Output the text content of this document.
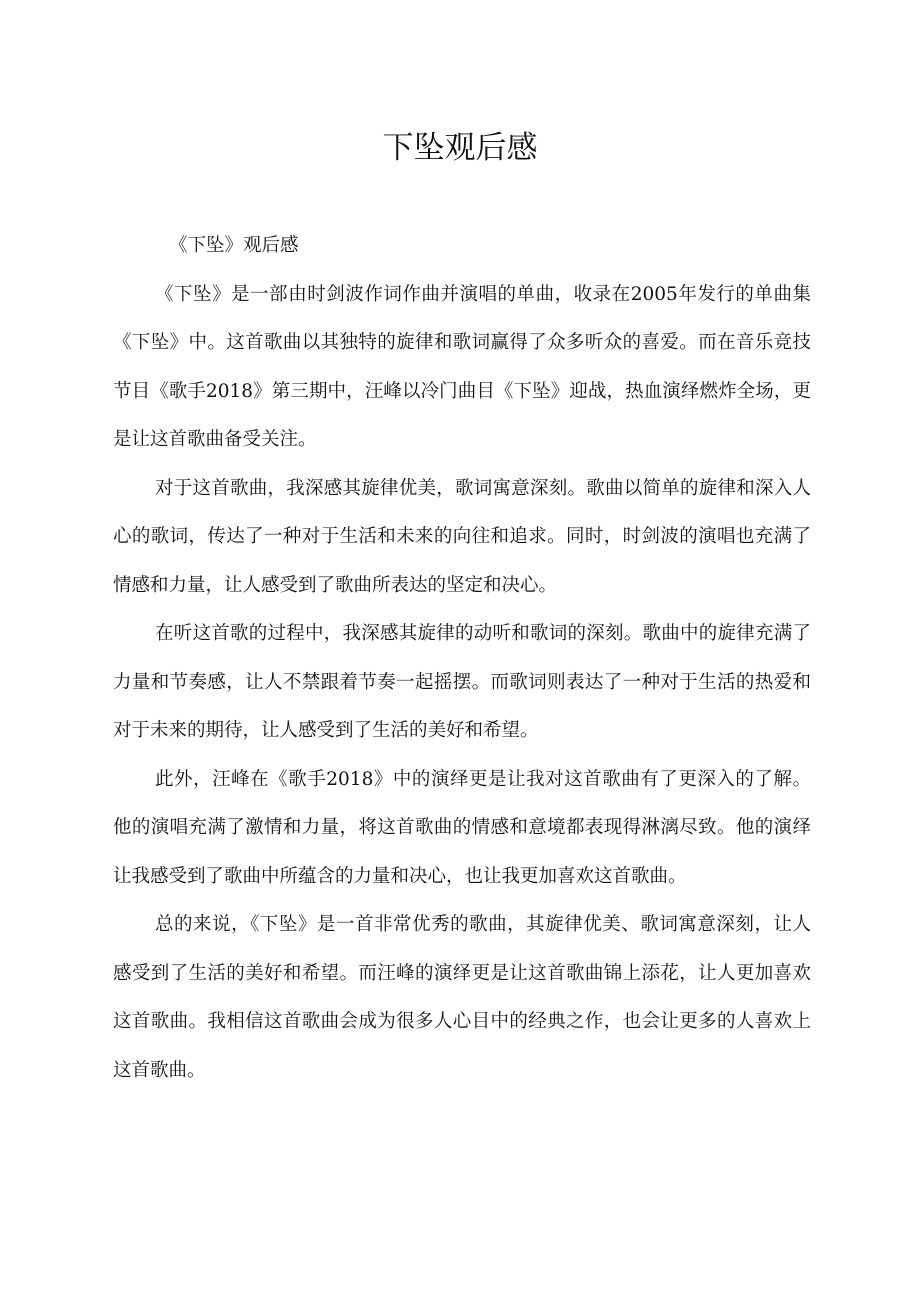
下坠观后感

《下坠》观后感

《下坠》是一部由时剑波作词作曲并演唱的单曲，收录在2005年发行的单曲集《下坠》中。这首歌曲以其独特的旋律和歌词赢得了众多听众的喜爱。而在音乐竞技节目《歌手2018》第三期中，汪峰以冷门曲目《下坠》迎战，热血演绎燃炸全场，更是让这首歌曲备受关注。

对于这首歌曲，我深感其旋律优美，歌词寓意深刻。歌曲以简单的旋律和深入人心的歌词，传达了一种对于生活和未来的向往和追求。同时，时剑波的演唱也充满了情感和力量，让人感受到了歌曲所表达的坚定和决心。

在听这首歌的过程中，我深感其旋律的动听和歌词的深刻。歌曲中的旋律充满了力量和节奏感，让人不禁跟着节奏一起摇摆。而歌词则表达了一种对于生活的热爱和对于未来的期待，让人感受到了生活的美好和希望。

此外，汪峰在《歌手2018》中的演绎更是让我对这首歌曲有了更深入的了解。他的演唱充满了激情和力量，将这首歌曲的情感和意境都表现得淋漓尽致。他的演绎让我感受到了歌曲中所蕴含的力量和决心，也让我更加喜欢这首歌曲。

总的来说，《下坠》是一首非常优秀的歌曲，其旋律优美、歌词寓意深刻，让人感受到了生活的美好和希望。而汪峰的演绎更是让这首歌曲锦上添花，让人更加喜欢这首歌曲。我相信这首歌曲会成为很多人心目中的经典之作，也会让更多的人喜欢上这首歌曲。
